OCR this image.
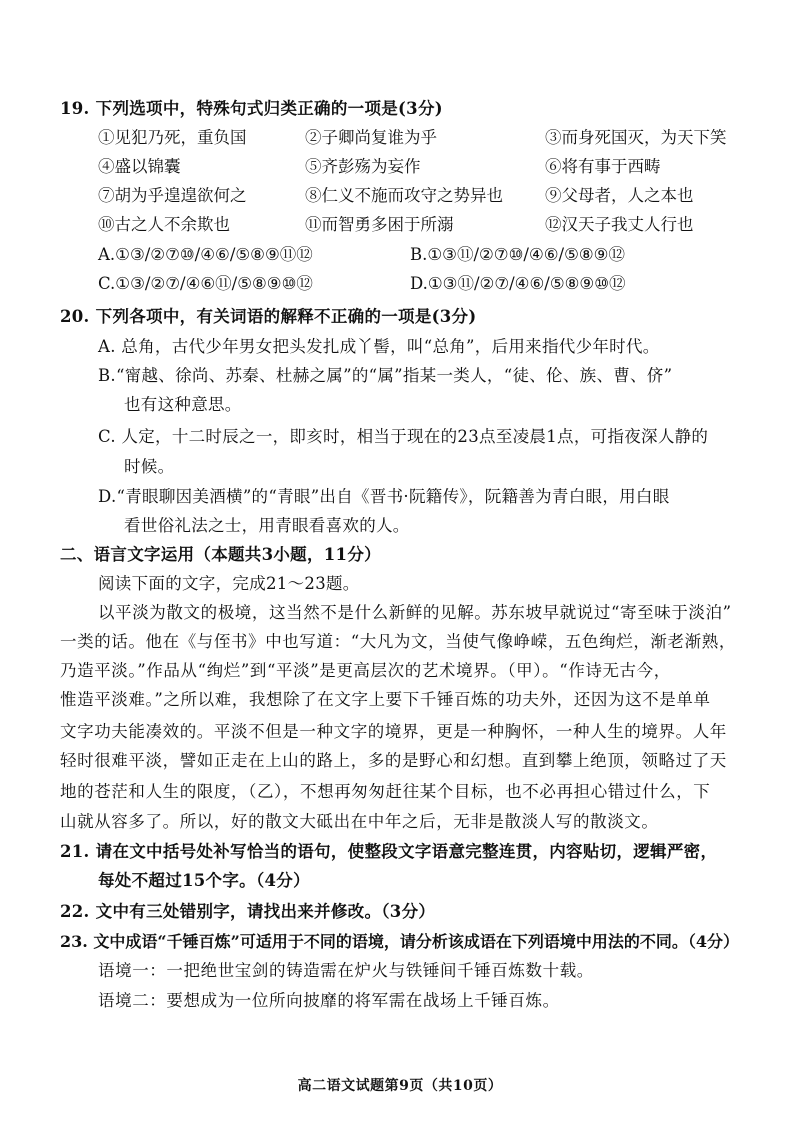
19. 下列选项中，特殊句式归类正确的一项是(3分)
①见犯乃死，重负国	②子卿尚复谁为乎	③而身死国灭，为天下笑
④盛以锦囊	⑤齐彭殇为妄作	⑥将有事于西畴
⑦胡为乎遑遑欲何之	⑧仁义不施而攻守之势异也	⑨父母者，人之本也
⑩古之人不余欺也	⑪而智勇多困于所溺	⑫汉天子我丈人行也
A.①③/②⑦⑩/④⑥/⑤⑧⑨⑪⑫	B.①③⑪/②⑦⑩/④⑥/⑤⑧⑨⑫
C.①③/②⑦/④⑥⑪/⑤⑧⑨⑩⑫	D.①③⑪/②⑦/④⑥/⑤⑧⑨⑩⑫
20. 下列各项中，有关词语的解释不正确的一项是(3分)
A. 总角，古代少年男女把头发扎成丫髻，叫“总角”，后用来指代少年时代。
B.“甯越、徐尚、苏秦、杜赫之属”的“属”指某一类人，“徒、伦、族、曹、侪”
也有这种意思。
C. 人定，十二时辰之一，即亥时，相当于现在的23点至凌晨1点，可指夜深人静的
时候。
D.“青眼聊因美酒横”的“青眼”出自《晋书·阮籍传》，阮籍善为青白眼，用白眼
看世俗礼法之士，用青眼看喜欢的人。
二、语言文字运用（本题共3小题，11分）
阅读下面的文字，完成21～23题。
以平淡为散文的极境，这当然不是什么新鲜的见解。苏东坡早就说过“寄至味于淡泊”
一类的话。他在《与侄书》中也写道：“大凡为文，当使气像峥嵘，五色绚烂，渐老渐熟，
乃造平淡。”作品从“绚烂”到“平淡”是更高层次的艺术境界。（甲）。“作诗无古今，
惟造平淡难。”之所以难，我想除了在文字上要下千锤百炼的功夫外，还因为这不是单单
文字功夫能凑效的。平淡不但是一种文字的境界，更是一种胸怀，一种人生的境界。人年
轻时很难平淡，譬如正走在上山的路上，多的是野心和幻想。直到攀上绝顶，领略过了天
地的苍茫和人生的限度，（乙），不想再匆匆赶往某个目标，也不必再担心错过什么，下
山就从容多了。所以，好的散文大砥出在中年之后，无非是散淡人写的散淡文。
21. 请在文中括号处补写恰当的语句，使整段文字语意完整连贯，内容贴切，逻辑严密，
每处不超过15个字。（4分）
22. 文中有三处错别字，请找出来并修改。（3分）
23. 文中成语“千锤百炼”可适用于不同的语境，请分析该成语在下列语境中用法的不同。（4分）
语境一：一把绝世宝剑的铸造需在炉火与铁锤间千锤百炼数十载。
语境二：要想成为一位所向披靡的将军需在战场上千锤百炼。
高二语文试题第9页（共10页）
